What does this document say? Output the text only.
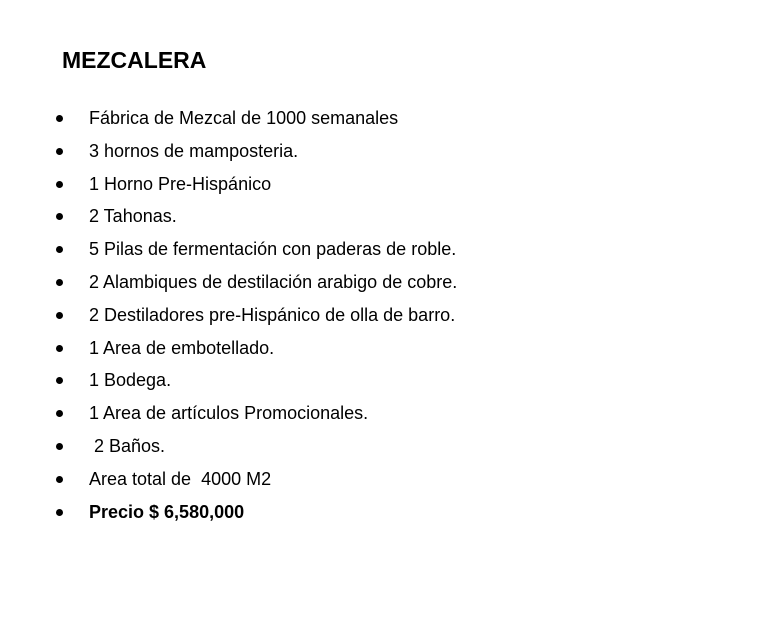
MEZCALERA

Fábrica de Mezcal de 1000 semanales

3 hornos de mamposteria.

1 Horno Pre-Hispánico

2 Tahonas.

5 Pilas de fermentación con paderas de roble.

2 Alambiques de destilación arabigo de cobre.

2 Destiladores pre-Hispánico de olla de barro.

1 Area de embotellado.

1 Bodega.

1 Area de artículos Promocionales.

2 Baños.

Area total de  4000 M2

Precio $ 6,580,000
